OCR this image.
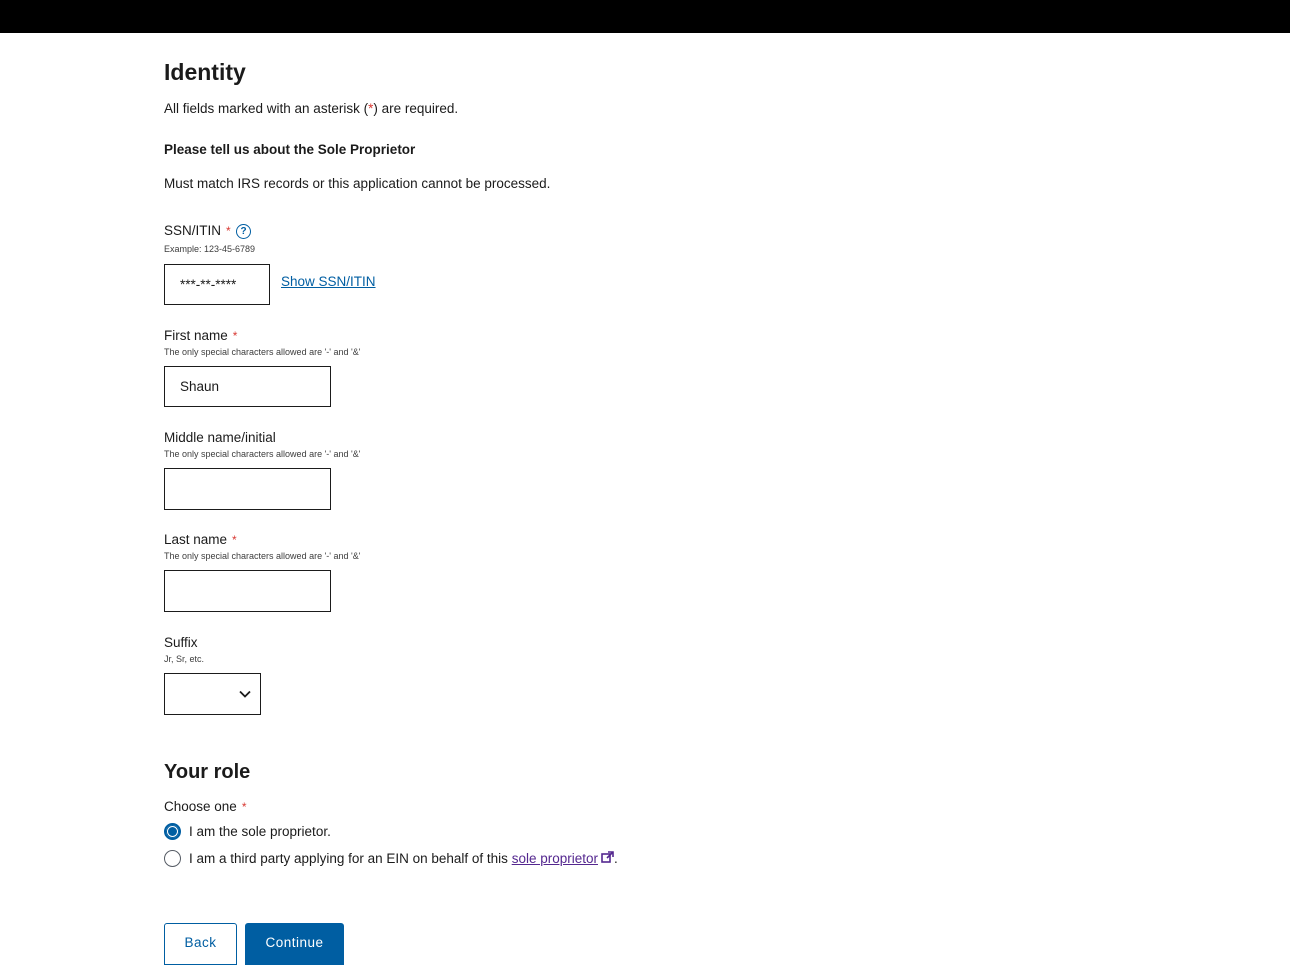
Identity
All fields marked with an asterisk (*) are required.
Please tell us about the Sole Proprietor
Must match IRS records or this application cannot be processed.
SSN/ITIN * ?
Example: 123-45-6789
***-**-****
Show SSN/ITIN
First name *
The only special characters allowed are '-' and '&'
Shaun
Middle name/initial
The only special characters allowed are '-' and '&'
Last name *
The only special characters allowed are '-' and '&'
Suffix
Jr, Sr, etc.
Your role
Choose one *
I am the sole proprietor.
I am a third party applying for an EIN on behalf of this sole proprietor .
Back	Continue
